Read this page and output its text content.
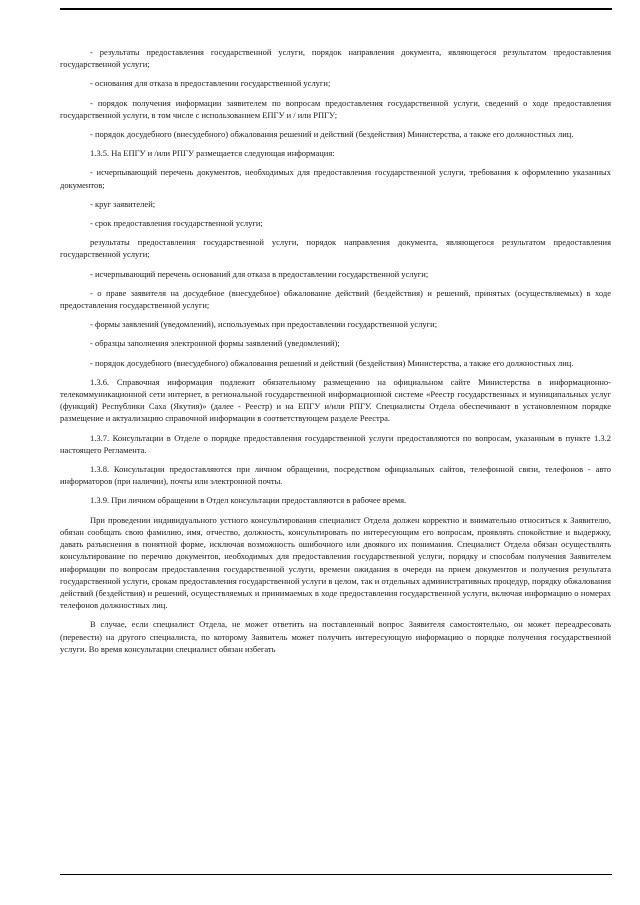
- результаты предоставления государственной услуги, порядок направления документа, являющегося результатом предоставления государственной услуги;

- основания для отказа в предоставлении государственной услуги;

- порядок получения информации заявителем по вопросам предоставления государственной услуги, сведений о ходе предоставления государственной услуги, в том числе с использованием ЕПГУ и / или РПГУ;

- порядок досудебного (внесудебного) обжалования решений и действий (бездействия) Министерства, а также его должностных лиц.

1.3.5. На ЕПГУ и /или РПГУ размещается следующая информация:

- исчерпывающий перечень документов, необходимых для предоставления государственной услуги, требования к оформлению указанных документов;

- круг заявителей;

- срок предоставления государственной услуги;

результаты предоставления государственной услуги, порядок направления документа, являющегося результатом предоставления государственной услуги;

- исчерпывающий перечень оснований для отказа в предоставлении государственной услуги;

- о праве заявителя на досудебное (внесудебное) обжалование действий (бездействия) и решений, принятых (осуществляемых) в ходе предоставления государственной услуги;

- формы заявлений (уведомлений), используемых при предоставлении государственной услуги;

- образцы заполнения электронной формы заявлений (уведомлений);

- порядок досудебного (внесудебного) обжалования решений и действий (бездействия) Министерства, а также его должностных лиц.

1.3.6. Справочная информация подлежит обязательному размещению на официальном сайте Министерства в информационно-телекоммуникационной сети интернет, в региональной государственной информационной системе «Реестр государственных и муниципальных услуг (функций) Республики Саха (Якутия)» (далее - Реестр) и на ЕПГУ и/или РПГУ. Специалисты Отдела обеспечивают в установленном порядке размещение и актуализацию справочной информации в соответствующем разделе Реестра.

1.3.7. Консультации в Отделе о порядке предоставления государственной услуги предоставляются по вопросам, указанным в пункте 1.3.2 настоящего Регламента.

1.3.8. Консультации предоставляются при личном обращении, посредством официальных сайтов, телефонной связи, телефонов - авто информаторов (при наличии), почты или электронной почты.

1.3.9. При личном обращении в Отдел консультации предоставляются в рабочее время.

При проведении индивидуального устного консультирования специалист Отдела должен корректно и внимательно относиться к Заявителю, обязан сообщать свою фамилию, имя, отчество, должность, консультировать по интересующим его вопросам, проявлять спокойствие и выдержку, давать разъяснения в понятной форме, исключая возможность ошибочного или двоякого их понимания. Специалист Отдела обязан осуществлять консультирование по перечню документов, необходимых для предоставления государственной услуги, порядку и способам получения Заявителем информации по вопросам предоставления государственной услуги, времени ожидания в очереди на прием документов и получения результата государственной услуги, срокам предоставления государственной услуги в целом, так и отдельных административных процедур, порядку обжалования действий (бездействия) и решений, осуществляемых и принимаемых в ходе предоставления государственной услуги, включая информацию о номерах телефонов должностных лиц.

В случае, если специалист Отдела, не может ответить на поставленный вопрос Заявителя самостоятельно, он может переадресовать (перевести) на другого специалиста, по которому Заявитель может получить интересующую информацию о порядке получения государственной услуги. Во время консультации специалист обязан избегать
